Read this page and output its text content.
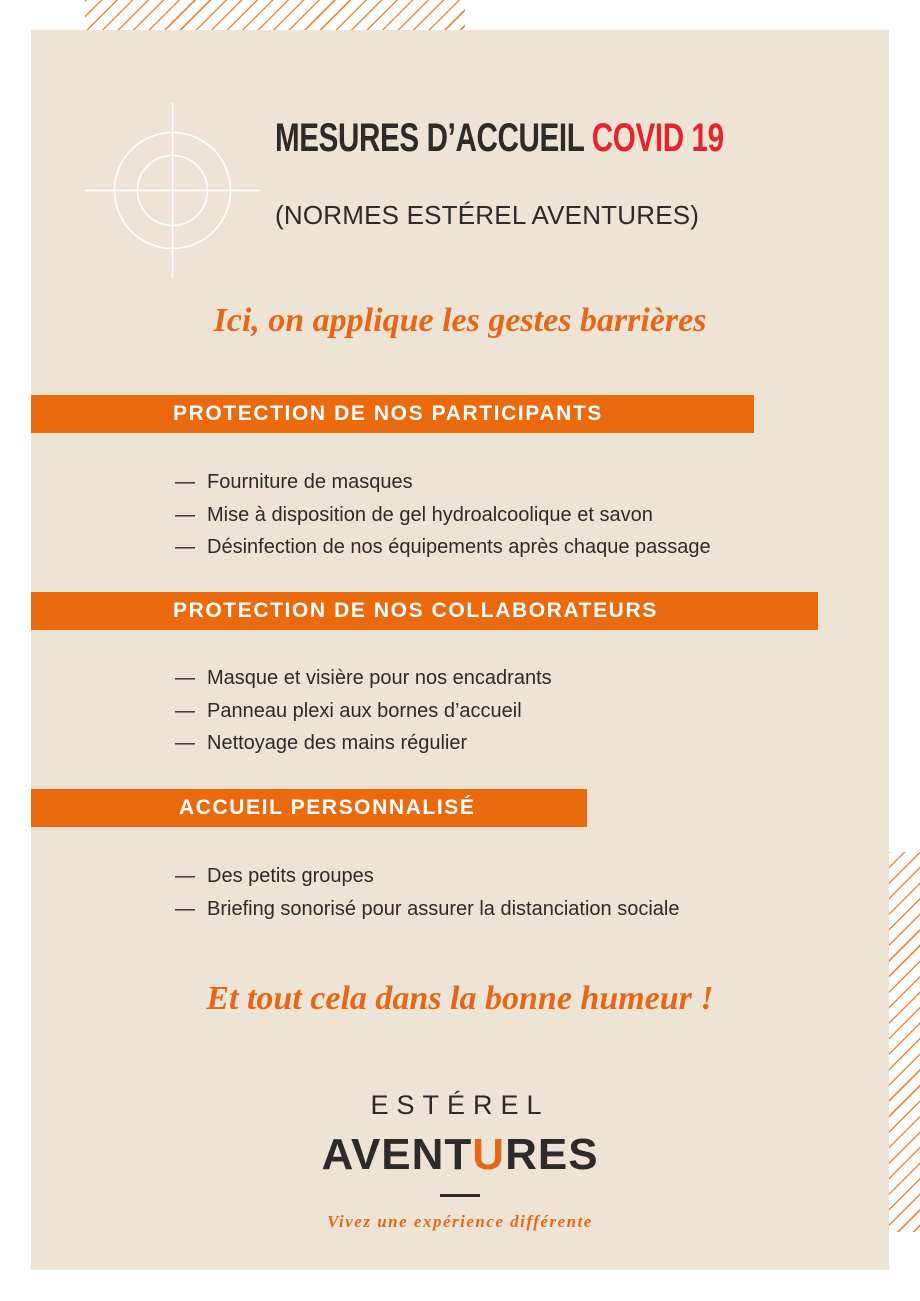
MESURES D’ACCUEIL COVID 19
(NORMES ESTÉREL AVENTURES)
Ici, on applique les gestes barrières
PROTECTION DE NOS PARTICIPANTS
— Fourniture de masques
— Mise à disposition de gel hydroalcoolique et savon
— Désinfection de nos équipements après chaque passage
PROTECTION DE NOS COLLABORATEURS
— Masque et visière pour nos encadrants
— Panneau plexi aux bornes d’accueil
— Nettoyage des mains régulier
ACCUEIL PERSONNALISÉ
— Des petits groupes
— Briefing sonorisé pour assurer la distanciation sociale
Et tout cela dans la bonne humeur !
ESTÉREL
AVENTURES
Vivez une expérience différente
